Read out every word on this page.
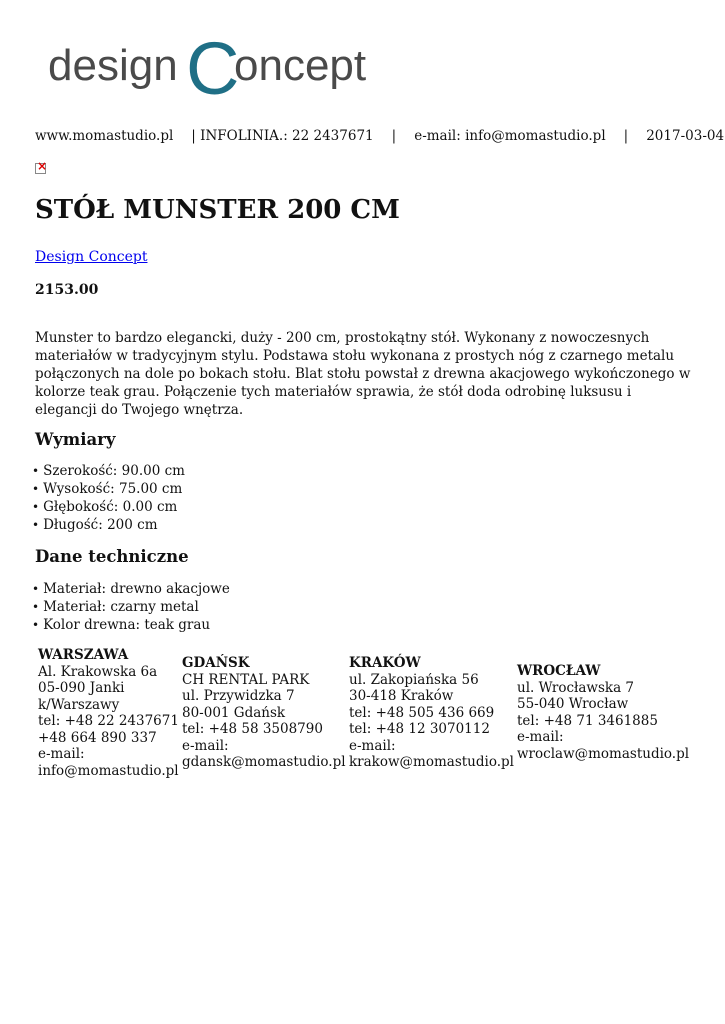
design C
oncept
www.momastudio.pl | INFOLINIA.: 22 2437671 | e-mail: info@momastudio.pl | 2017-03-04
×
STÓŁ MUNSTER 200 CM
Design Concept
2153.00

Munster to bardzo elegancki, duży - 200 cm, prostokątny stół. Wykonany z nowoczesnych materiałów w tradycyjnym stylu. Podstawa stołu wykonana z prostych nóg z czarnego metalu połączonych na dole po bokach stołu. Blat stołu powstał z drewna akacjowego wykończonego w kolorze teak grau. Połączenie tych materiałów sprawia, że stół doda odrobinę luksusu i elegancji do Twojego wnętrza.

Wymiary
• Szerokość: 90.00 cm
• Wysokość: 75.00 cm
• Głębokość: 0.00 cm
• Długość: 200 cm
Dane techniczne
• Materiał: drewno akacjowe
• Materiał: czarny metal
• Kolor drewna: teak grau
WARSZAWA
Al. Krakowska 6a
05-090 Janki
k/Warszawy
tel: +48 22 2437671
+48 664 890 337
e-mail:
info@momastudio.pl
GDAŃSK
CH RENTAL PARK
ul. Przywidzka 7
80-001 Gdańsk
tel: +48 58 3508790
e-mail:
gdansk@momastudio.pl
KRAKÓW
ul. Zakopiańska 56
30-418 Kraków
tel: +48 505 436 669
tel: +48 12 3070112
e-mail:
krakow@momastudio.pl
WROCŁAW
ul. Wrocławska 7
55-040 Wrocław
tel: +48 71 3461885
e-mail:
wroclaw@momastudio.pl
